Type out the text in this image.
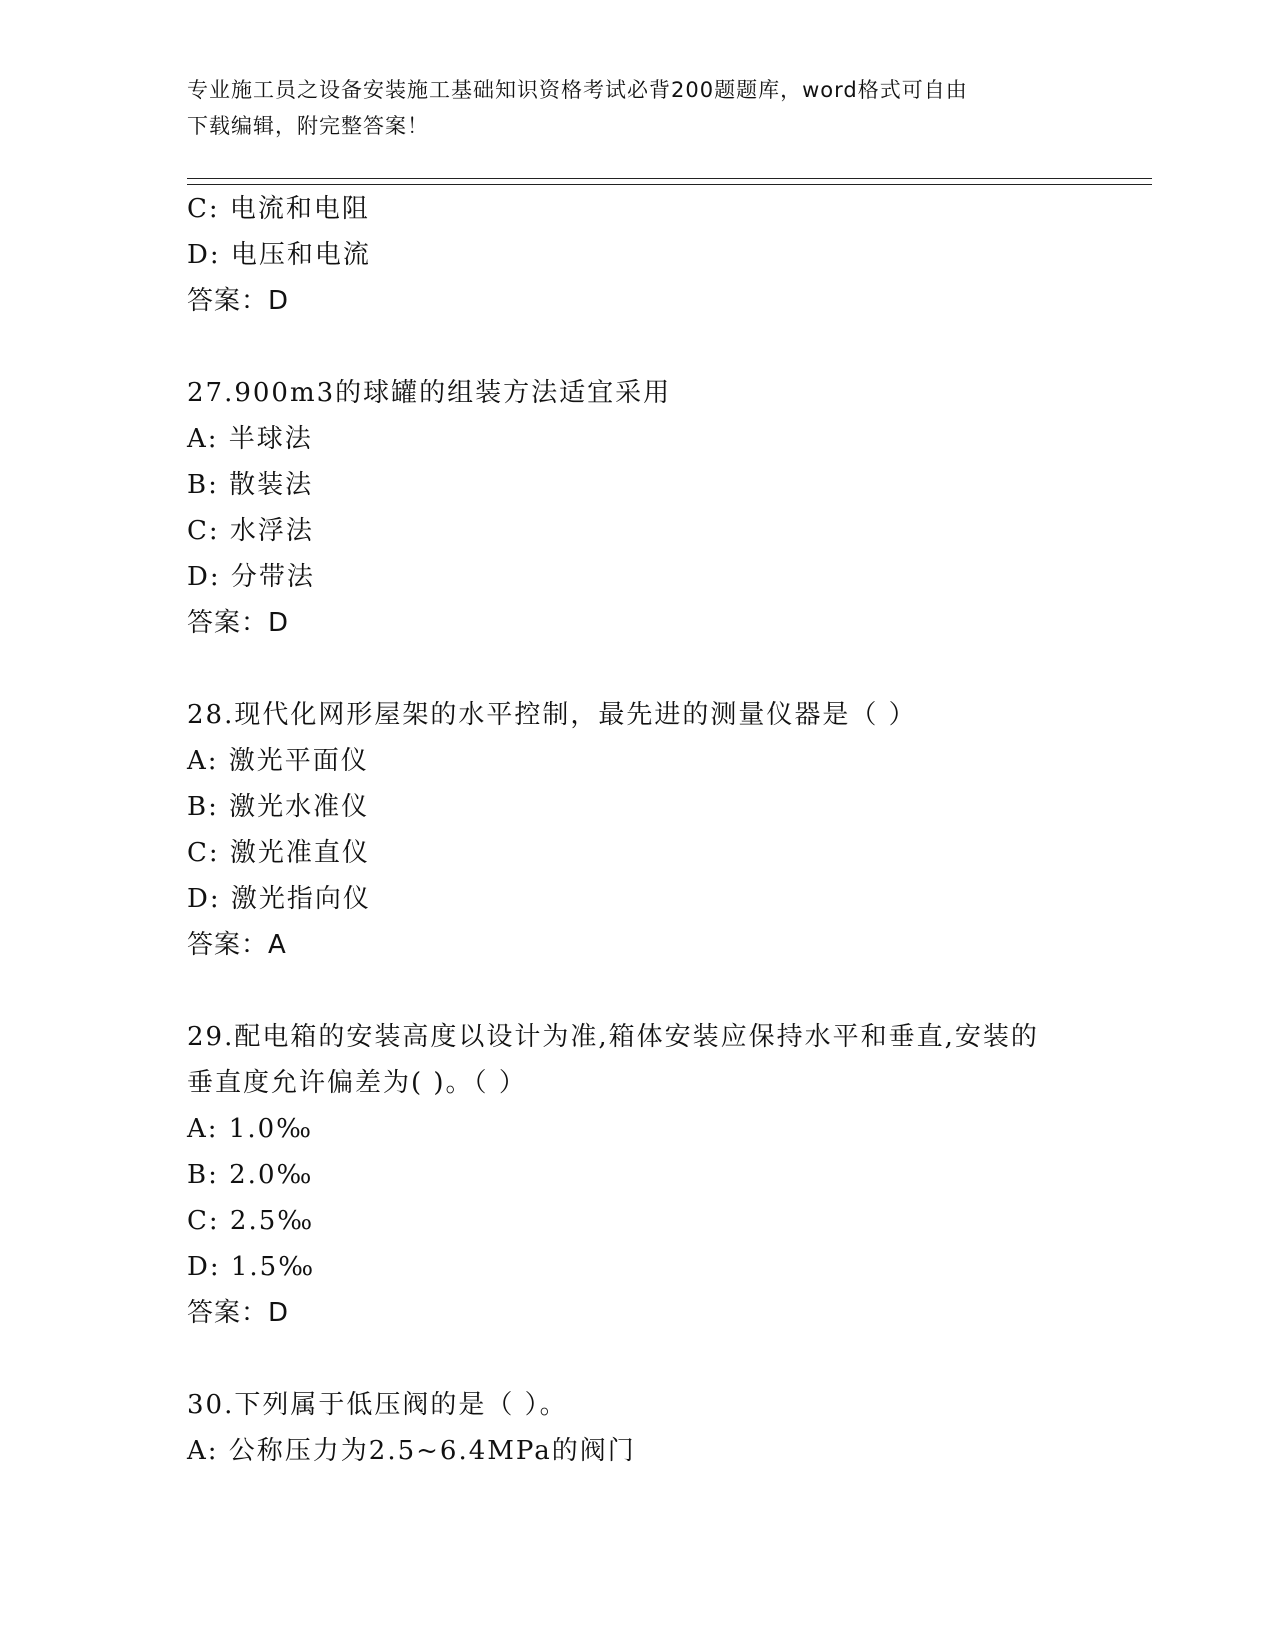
专业施工员之设备安装施工基础知识资格考试必背200题题库，word格式可自由
下载编辑，附完整答案！
C: 电流和电阻
D: 电压和电流
答案：D
27.900m3的球罐的组装方法适宜采用
A: 半球法
B: 散装法
C: 水浮法
D: 分带法
答案：D
28.现代化网形屋架的水平控制，最先进的测量仪器是（ ）
A: 激光平面仪
B: 激光水准仪
C: 激光准直仪
D: 激光指向仪
答案：A
29.配电箱的安装高度以设计为准,箱体安装应保持水平和垂直,安装的
垂直度允许偏差为( )。（ ）
A: 1.0‰
B: 2.0‰
C: 2.5‰
D: 1.5‰
答案：D
30.下列属于低压阀的是（ ）。
A: 公称压力为2.5~6.4MPa的阀门
